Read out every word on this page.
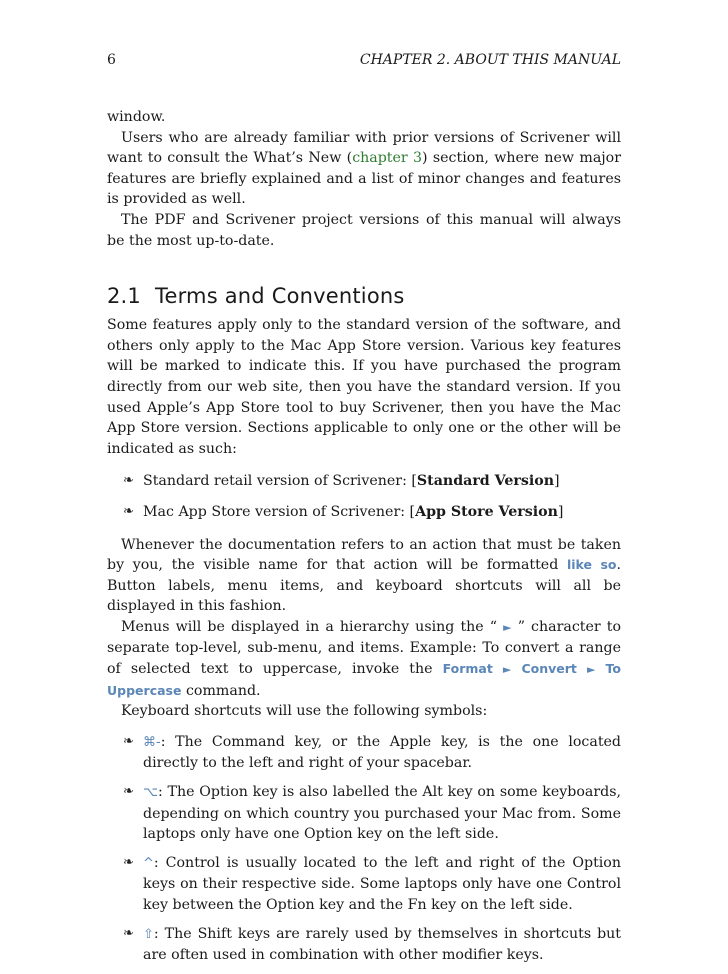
6	CHAPTER 2. ABOUT THIS MANUAL

window.

Users who are already familiar with prior versions of Scrivener will want to consult the What’s New (chapter 3) section, where new major features are briefly explained and a list of minor changes and features is provided as well.

The PDF and Scrivener project versions of this manual will always be the most up-to-date.

2.1 Terms and Conventions

Some features apply only to the standard version of the software, and others only apply to the Mac App Store version. Various key features will be marked to indicate this. If you have purchased the program directly from our web site, then you have the standard version. If you used Apple’s App Store tool to buy Scrivener, then you have the Mac App Store version. Sections applicable to only one or the other will be indicated as such:

❧ Standard retail version of Scrivener: [Standard Version]
❧ Mac App Store version of Scrivener: [App Store Version]

Whenever the documentation refers to an action that must be taken by you, the visible name for that action will be formatted like so. Button labels, menu items, and keyboard shortcuts will all be displayed in this fashion.

Menus will be displayed in a hierarchy using the “ ► ” character to separate top-level, sub-menu, and items. Example: To convert a range of selected text to uppercase, invoke the Format ► Convert ► To Uppercase command.

Keyboard shortcuts will use the following symbols:

❧ ⌘-: The Command key, or the Apple key, is the one located directly to the left and right of your spacebar.
❧ ⌥: The Option key is also labelled the Alt key on some keyboards, depending on which country you purchased your Mac from. Some laptops only have one Option key on the left side.
❧ ^: Control is usually located to the left and right of the Option keys on their respective side. Some laptops only have one Control key between the Option key and the Fn key on the left side.
❧ ⇧: The Shift keys are rarely used by themselves in shortcuts but are often used in combination with other modifier keys.
